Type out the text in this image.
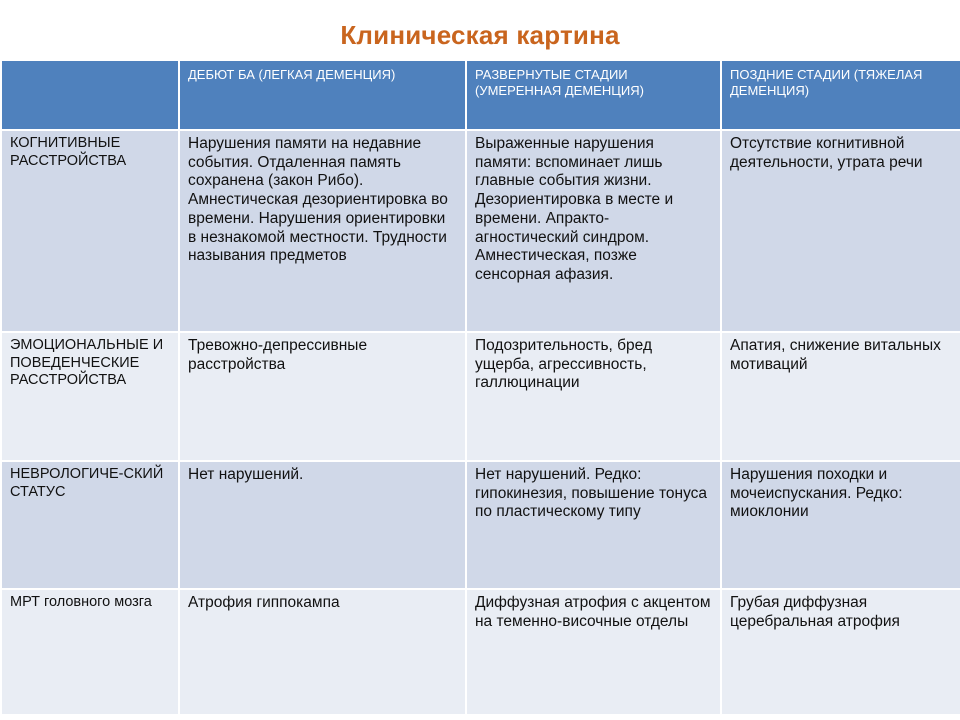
Клиническая картина
	ДЕБЮТ БА (ЛЕГКАЯ ДЕМЕНЦИЯ)	РАЗВЕРНУТЫЕ СТАДИИ (УМЕРЕННАЯ ДЕМЕНЦИЯ)	ПОЗДНИЕ СТАДИИ (ТЯЖЕЛАЯ ДЕМЕНЦИЯ)
КОГНИТИВНЫЕ РАССТРОЙСТВА	Нарушения памяти на недавние события. Отдаленная память сохранена (закон Рибо). Амнестическая дезориентировка во времени. Нарушения ориентировки в незнакомой местности. Трудности называния предметов	Выраженные нарушения памяти: вспоминает лишь главные события жизни. Дезориентировка в месте и времени. Апракто-агностический синдром. Амнестическая, позже сенсорная афазия.	Отсутствие когнитивной деятельности, утрата речи
ЭМОЦИОНАЛЬНЫЕ И ПОВЕДЕНЧЕСКИЕ РАССТРОЙСТВА	Тревожно-депрессивные расстройства	Подозрительность, бред ущерба, агрессивность, галлюцинации	Апатия, снижение витальных мотиваций
НЕВРОЛОГИЧЕ-СКИЙ СТАТУС	Нет нарушений.	Нет нарушений. Редко: гипокинезия, повышение тонуса по пластическому типу	Нарушения походки и мочеиспускания. Редко: миоклонии
МРТ головного мозга	Атрофия гиппокампа	Диффузная атрофия с акцентом на теменно-височные отделы	Грубая диффузная церебральная атрофия
